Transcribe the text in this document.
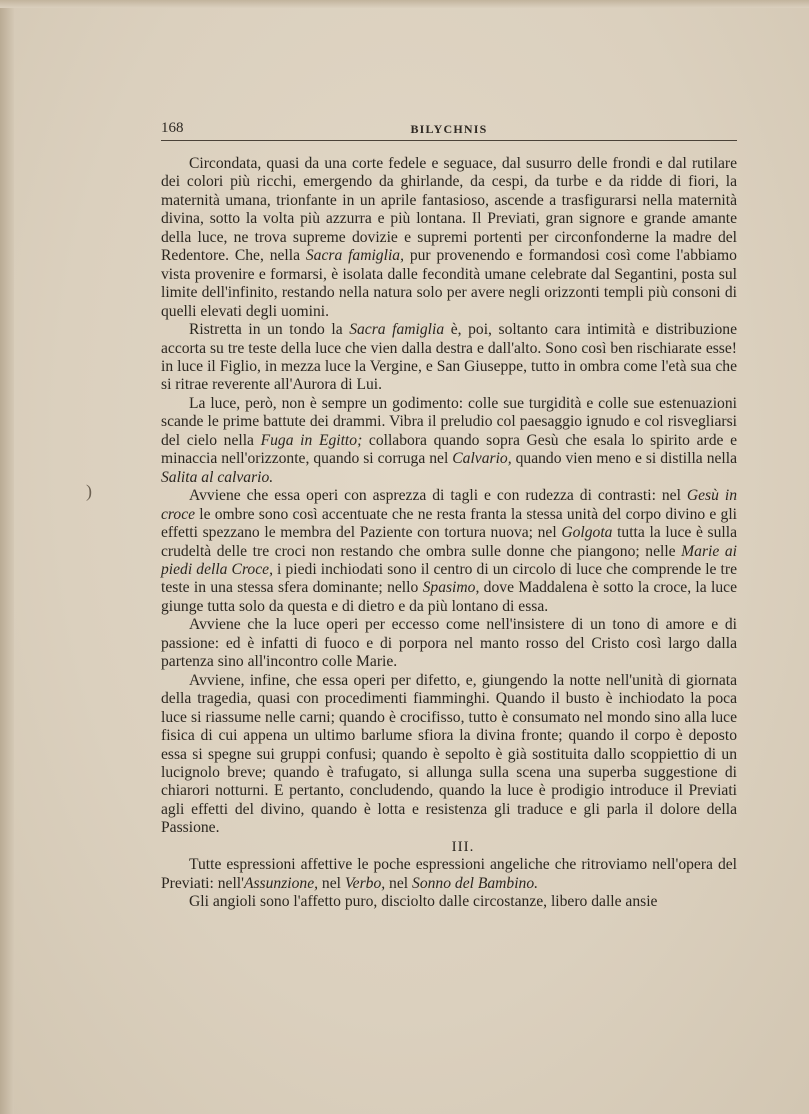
168	BILYCHNIS
)

Circondata, quasi da una corte fedele e seguace, dal susurro delle frondi e dal rutilare dei colori più ricchi, emergendo da ghirlande, da cespi, da turbe e da ridde di fiori, la maternità umana, trionfante in un aprile fantasioso, ascende a trasfigurarsi nella maternità divina, sotto la volta più azzurra e più lontana. Il Previati, gran signore e grande amante della luce, ne trova supreme dovizie e supremi portenti per circonfonderne la madre del Redentore. Che, nella Sacra famiglia, pur provenendo e formandosi così come l'abbiamo vista provenire e formarsi, è isolata dalle fecondità umane celebrate dal Segantini, posta sul limite dell'infinito, restando nella natura solo per avere negli orizzonti templi più consoni di quelli elevati degli uomini.

Ristretta in un tondo la Sacra famiglia è, poi, soltanto cara intimità e distribuzione accorta su tre teste della luce che vien dalla destra e dall'alto. Sono così ben rischiarate esse! in luce il Figlio, in mezza luce la Vergine, e San Giuseppe, tutto in ombra come l'età sua che si ritrae reverente all'Aurora di Lui.

La luce, però, non è sempre un godimento: colle sue turgidità e colle sue estenuazioni scande le prime battute dei drammi. Vibra il preludio col paesaggio ignudo e col risvegliarsi del cielo nella Fuga in Egitto; collabora quando sopra Gesù che esala lo spirito arde e minaccia nell'orizzonte, quando si corruga nel Calvario, quando vien meno e si distilla nella Salita al calvario.

Avviene che essa operi con asprezza di tagli e con rudezza di contrasti: nel Gesù in croce le ombre sono così accentuate che ne resta franta la stessa unità del corpo divino e gli effetti spezzano le membra del Paziente con tortura nuova; nel Golgota tutta la luce è sulla crudeltà delle tre croci non restando che ombra sulle donne che piangono; nelle Marie ai piedi della Croce, i piedi inchiodati sono il centro di un circolo di luce che comprende le tre teste in una stessa sfera dominante; nello Spasimo, dove Maddalena è sotto la croce, la luce giunge tutta solo da questa e di dietro e da più lontano di essa.

Avviene che la luce operi per eccesso come nell'insistere di un tono di amore e di passione: ed è infatti di fuoco e di porpora nel manto rosso del Cristo così largo dalla partenza sino all'incontro colle Marie.

Avviene, infine, che essa operi per difetto, e, giungendo la notte nell'unità di giornata della tragedia, quasi con procedimenti fiamminghi. Quando il busto è inchiodato la poca luce si riassume nelle carni; quando è crocifisso, tutto è consumato nel mondo sino alla luce fisica di cui appena un ultimo barlume sfiora la divina fronte; quando il corpo è deposto essa si spegne sui gruppi confusi; quando è sepolto è già sostituita dallo scoppiettio di un lucignolo breve; quando è trafugato, si allunga sulla scena una superba suggestione di chiarori notturni. E pertanto, concludendo, quando la luce è prodigio introduce il Previati agli effetti del divino, quando è lotta e resistenza gli traduce e gli parla il dolore della Passione.

III.

Tutte espressioni affettive le poche espressioni angeliche che ritroviamo nell'opera del Previati: nell'Assunzione, nel Verbo, nel Sonno del Bambino.

Gli angioli sono l'affetto puro, disciolto dalle circostanze, libero dalle ansie
